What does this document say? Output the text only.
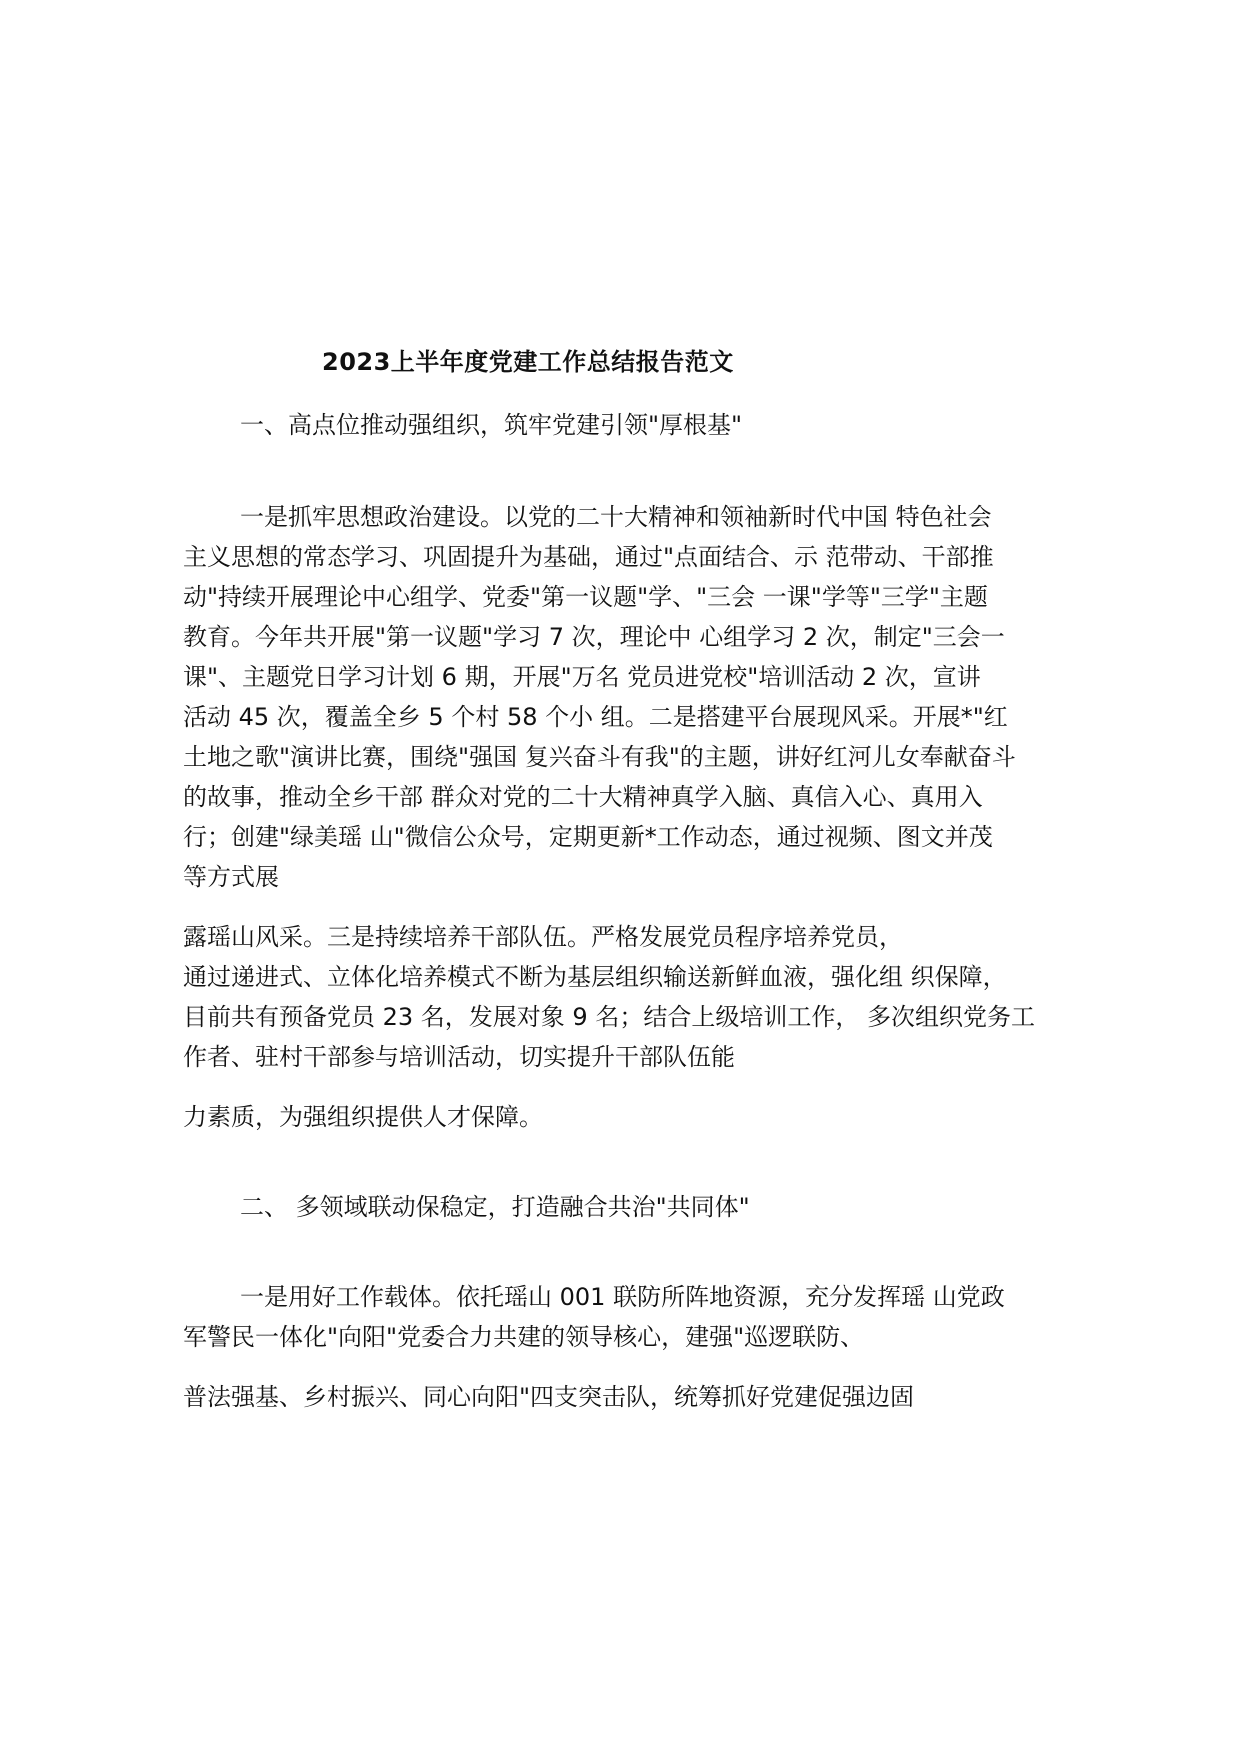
2023上半年度党建工作总结报告范文
一、高点位推动强组织，筑牢党建引领"厚根基"
一是抓牢思想政治建设。以党的二十大精神和领袖新时代中国 特色社会
主义思想的常态学习、巩固提升为基础，通过"点面结合、示 范带动、干部推
动"持续开展理论中心组学、党委"第一议题"学、"三会 一课"学等"三学"主题
教育。今年共开展"第一议题"学习 7 次，理论中 心组学习 2 次，制定"三会一
课"、主题党日学习计划 6 期，开展"万名 党员进党校"培训活动 2 次，宣讲
活动 45 次，覆盖全乡 5 个村 58 个小 组。二是搭建平台展现风采。开展*"红
土地之歌"演讲比赛，围绕"强国 复兴奋斗有我"的主题，讲好红河儿女奉献奋斗
的故事，推动全乡干部 群众对党的二十大精神真学入脑、真信入心、真用入
行；创建"绿美瑶 山"微信公众号，定期更新*工作动态，通过视频、图文并茂
等方式展
露瑶山风采。三是持续培养干部队伍。严格发展党员程序培养党员，
通过递进式、立体化培养模式不断为基层组织输送新鲜血液，强化组 织保障，
目前共有预备党员 23 名，发展对象 9 名；结合上级培训工作， 多次组织党务工
作者、驻村干部参与培训活动，切实提升干部队伍能
力素质，为强组织提供人才保障。
二、 多领域联动保稳定，打造融合共治"共同体"
一是用好工作载体。依托瑶山 001 联防所阵地资源，充分发挥瑶 山党政
军警民一体化"向阳"党委合力共建的领导核心，建强"巡逻联防、
普法强基、乡村振兴、同心向阳"四支突击队，统筹抓好党建促强边固
